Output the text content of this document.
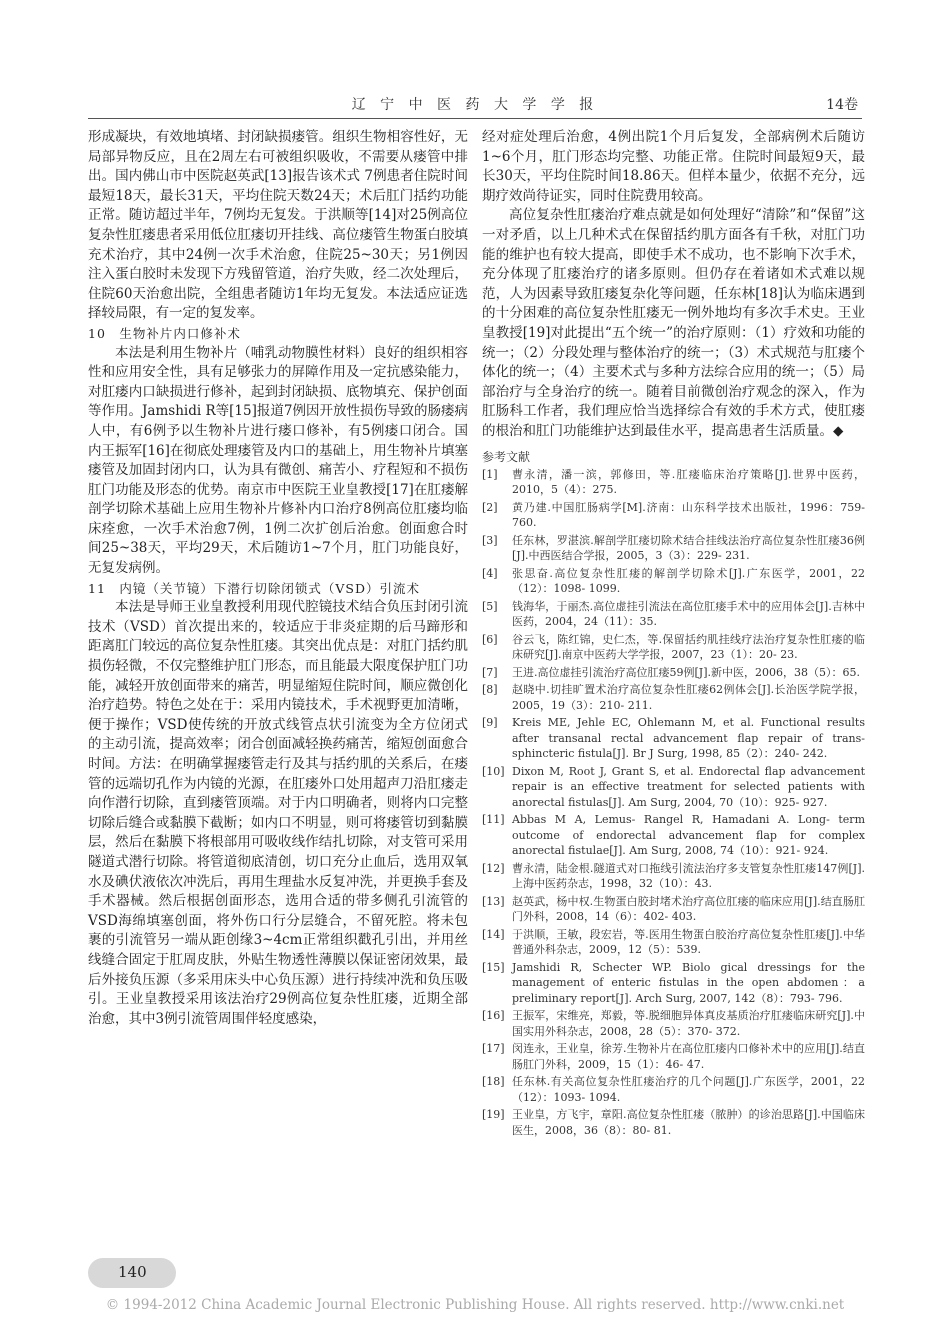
辽 宁 中 医 药 大 学 学 报	14卷

形成凝块，有效地填堵、封闭缺损瘘管。组织生物相容性好，无局部异物反应，且在2周左右可被组织吸收，不需要从瘘管中排出。国内佛山市中医院赵英武[13]报告该术式 7例患者住院时间最短18天，最长31天，平均住院天数24天；术后肛门括约功能正常。随访超过半年，7例均无复发。于洪顺等[14]对25例高位复杂性肛瘘患者采用低位肛瘘切开挂线、高位瘘管生物蛋白胶填充术治疗，其中24例一次手术治愈，住院25~30天；另1例因注入蛋白胶时未发现下方残留管道，治疗失败，经二次处理后，住院60天治愈出院，全组患者随访1年均无复发。本法适应证选择较局限，有一定的复发率。

10　生物补片内口修补术

本法是利用生物补片（哺乳动物膜性材料）良好的组织相容性和应用安全性，具有足够张力的屏障作用及一定抗感染能力，对肛瘘内口缺损进行修补，起到封闭缺损、底物填充、保护创面等作用。Jamshidi R等[15]报道7例因开放性损伤导致的肠瘘病人中，有6例予以生物补片进行瘘口修补，有5例瘘口闭合。国内王振军[16]在彻底处理瘘管及内口的基础上，用生物补片填塞瘘管及加固封闭内口，认为具有微创、痛苦小、疗程短和不损伤肛门功能及形态的优势。南京市中医院王业皇教授[17]在肛瘘解剖学切除术基础上应用生物补片修补内口治疗8例高位肛瘘均临床痊愈，一次手术治愈7例，1例二次扩创后治愈。创面愈合时间25~38天，平均29天，术后随访1~7个月，肛门功能良好，无复发病例。

11　内镜（关节镜）下潜行切除闭锁式（VSD）引流术

本法是导师王业皇教授利用现代腔镜技术结合负压封闭引流技术（VSD）首次提出来的，较适应于非炎症期的后马蹄形和距离肛门较远的高位复杂性肛瘘。其突出优点是：对肛门括约肌损伤轻微，不仅完整维护肛门形态，而且能最大限度保护肛门功能，减轻开放创面带来的痛苦，明显缩短住院时间，顺应微创化治疗趋势。特色之处在于：采用内镜技术，手术视野更加清晰，便于操作；VSD使传统的开放式线管点状引流变为全方位闭式的主动引流，提高效率；闭合创面减轻换药痛苦，缩短创面愈合时间。方法：在明确掌握瘘管走行及其与括约肌的关系后，在瘘管的远端切孔作为内镜的光源，在肛瘘外口处用超声刀沿肛瘘走向作潜行切除，直到瘘管顶端。对于内口明确者，则将内口完整切除后缝合或黏膜下截断；如内口不明显，则可将瘘管切到黏膜层，然后在黏膜下将根部用可吸收线作结扎切除，对支管可采用隧道式潜行切除。将管道彻底清创，切口充分止血后，选用双氧水及碘伏液依次冲洗后，再用生理盐水反复冲洗，并更换手套及手术器械。然后根据创面形态，选用合适的带多侧孔引流管的VSD海绵填塞创面，将外伤口行分层缝合，不留死腔。将未包裹的引流管另一端从距创缘3~4cm正常组织戳孔引出，并用丝线缝合固定于肛周皮肤，外贴生物透性薄膜以保证密闭效果，最后外接负压源（多采用床头中心负压源）进行持续冲洗和负压吸引。王业皇教授采用该法治疗29例高位复杂性肛瘘，近期全部治愈，其中3例引流管周围伴轻度感染，

经对症处理后治愈，4例出院1个月后复发，全部病例术后随访1~6个月，肛门形态均完整、功能正常。住院时间最短9天，最长30天，平均住院时间18.86天。但样本量少，依据不充分，远期疗效尚待证实，同时住院费用较高。

高位复杂性肛瘘治疗难点就是如何处理好“清除”和“保留”这一对矛盾，以上几种术式在保留括约肌方面各有千秋，对肛门功能的维护也有较大提高，即使手术不成功，也不影响下次手术，充分体现了肛瘘治疗的诸多原则。但仍存在着诸如术式难以规范，人为因素导致肛瘘复杂化等问题，任东林[18]认为临床遇到的十分困难的高位复杂性肛瘘无一例外地均有多次手术史。王业皇教授[19]对此提出“五个统一”的治疗原则：（1）疗效和功能的统一；（2）分段处理与整体治疗的统一；（3）术式规范与肛瘘个体化的统一；（4）主要术式与多种方法综合应用的统一；（5）局部治疗与全身治疗的统一。随着目前微创治疗观念的深入，作为肛肠科工作者，我们理应恰当选择综合有效的手术方式，使肛瘘的根治和肛门功能维护达到最佳水平，提高患者生活质量。◆

参考文献
[1]	曹永清，潘一滨，郭修田，等.肛瘘临床治疗策略[J].世界中医药，2010，5（4）：275.
[2]	黄乃建.中国肛肠病学[M].济南：山东科学技术出版社，1996：759- 760.
[3]	任东林，罗湛滨.解剖学肛瘘切除术结合挂线法治疗高位复杂性肛瘘36例[J].中西医结合学报，2005，3（3）：229- 231.
[4]	张思奋.高位复杂性肛瘘的解剖学切除术[J].广东医学，2001，22（12）：1098- 1099.
[5]	钱海华，于丽杰.高位虚挂引流法在高位肛瘘手术中的应用体会[J].吉林中医药，2004，24（11）：35.
[6]	谷云飞，陈红锦，史仁杰，等.保留括约肌挂线疗法治疗复杂性肛瘘的临床研究[J].南京中医药大学学报，2007，23（1）：20- 23.
[7]	王进.高位虚挂引流治疗高位肛瘘59例[J].新中医，2006，38（5）：65.
[8]	赵晓中.切挂旷置术治疗高位复杂性肛瘘62例体会[J].长治医学院学报，2005，19（3）：210- 211.
[9]	Kreis ME, Jehle EC, Ohlemann M, et al. Functional results after transanal rectal advancement flap repair of trans- sphincteric fistula[J]. Br J Surg, 1998, 85（2）：240- 242.
[10] Dixon M, Root J, Grant S, et al. Endorectal flap advancement repair is an effective treatment for selected patients with anorectal fistulas[J]. Am Surg, 2004, 70（10）：925- 927.
[11] Abbas M A, Lemus- Rangel R, Hamadani A. Long- term outcome of endorectal advancement flap for complex anorectal fistulae[J]. Am Surg, 2008, 74（10）：921- 924.
[12] 曹永清，陆金根.隧道式对口拖线引流法治疗多支管复杂性肛瘘147例[J].上海中医药杂志，1998，32（10）：43.
[13] 赵英武，杨中权.生物蛋白胶封堵术治疗高位肛瘘的临床应用[J].结直肠肛门外科，2008，14（6）：402- 403.
[14] 于洪顺，王敏，段宏岩，等.医用生物蛋白胶治疗高位复杂性肛瘘[J].中华普通外科杂志，2009，12（5）：539.
[15] Jamshidi R, Schecter WP. Biolo gical dressings for the management of enteric fistulas in the open abdomen：a preliminary report[J]. Arch Surg, 2007, 142（8）：793- 796.
[16] 王振军，宋维亮，郑毅，等.脱细胞异体真皮基质治疗肛瘘临床研究[J].中国实用外科杂志，2008，28（5）：370- 372.
[17] 闵连永，王业皇，徐芳.生物补片在高位肛瘘内口修补术中的应用[J].结直肠肛门外科，2009，15（1）：46- 47.
[18] 任东林.有关高位复杂性肛瘘治疗的几个问题[J].广东医学，2001，22（12）：1093- 1094.
[19] 王业皇，方飞宇，章阳.高位复杂性肛瘘（脓肿）的诊治思路[J].中国临床医生，2008，36（8）：80- 81.
140
© 1994-2012 China Academic Journal Electronic Publishing House. All rights reserved. http://www.cnki.net
